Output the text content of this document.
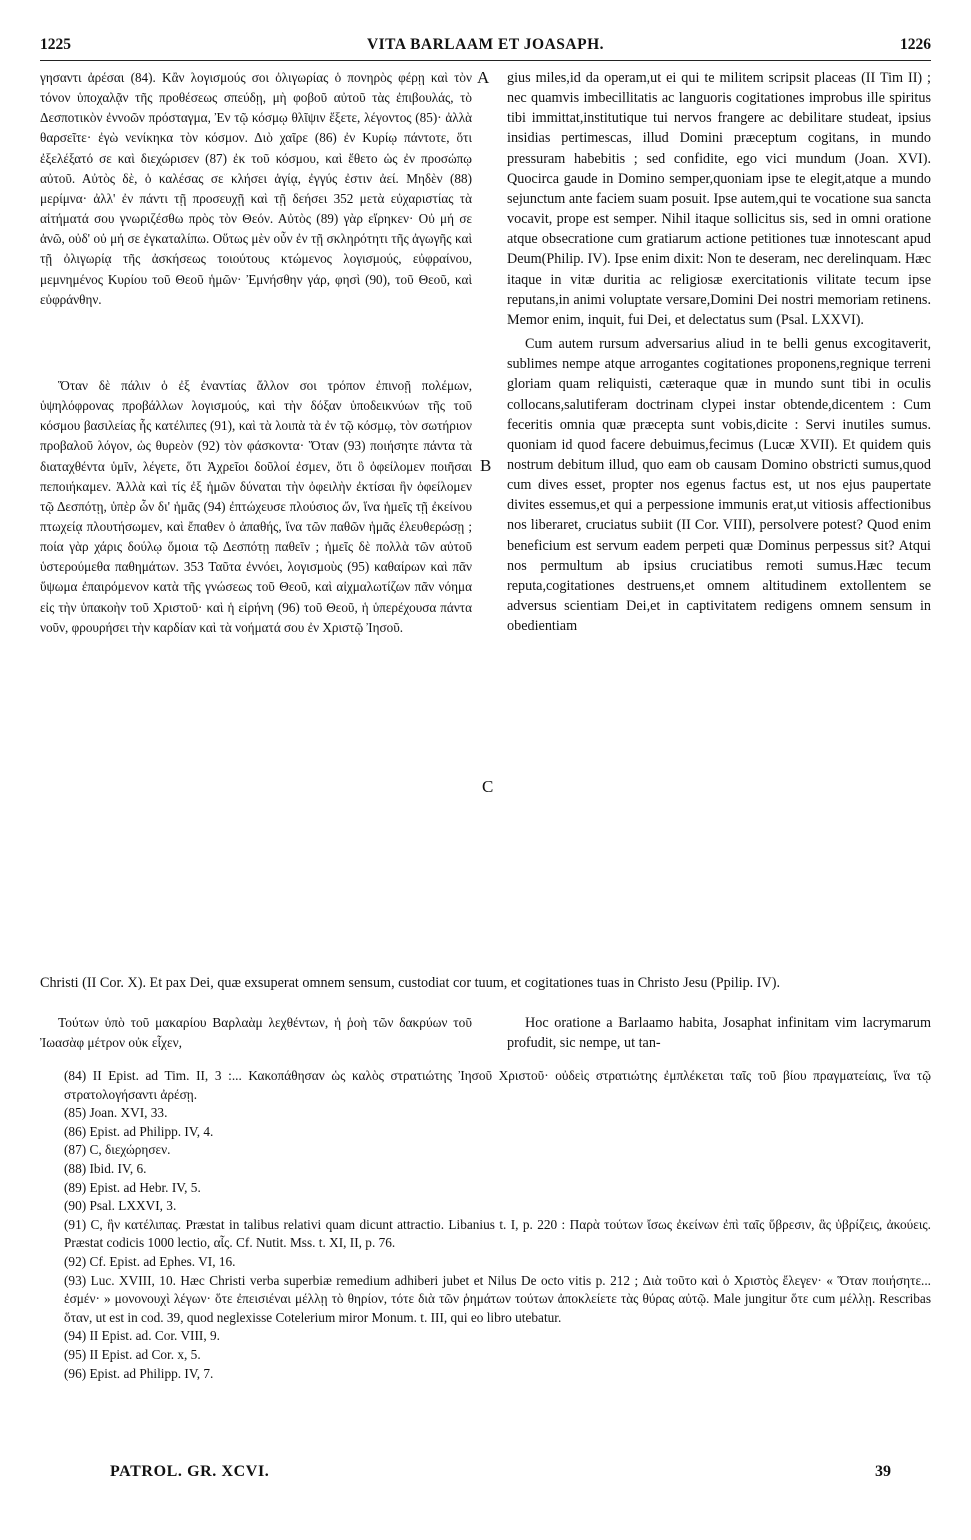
1225	VITA BARLAAM ET JOASAPH.	1226

γησαντι ἀρέσαι (84). Κἂν λογισμούς σοι ὀλιγωρίας ὁ πονηρὸς φέρῃ καὶ τὸν τόνον ὑποχαλᾷν τῆς προθέσεως σπεύδῃ, μὴ φοβοῦ αὐτοῦ τὰς ἐπιβουλάς, τὸ Δεσποτικὸν ἐννοῶν πρόσταγμα, Ἐν τῷ κόσμῳ θλῖψιν ἕξετε, λέγοντος (85)· ἀλλὰ θαρσεῖτε· ἐγὼ νενίκηκα τὸν κόσμον. Διὸ χαῖρε (86) ἐν Κυρίῳ πάντοτε, ὅτι ἐξελέξατό σε καὶ διεχώρισεν (87) ἐκ τοῦ κόσμου, καὶ ἔθετο ὡς ἐν προσώπῳ αὐτοῦ. Αὐτὸς δὲ, ὁ καλέσας σε κλήσει ἁγίᾳ, ἐγγύς ἐστιν ἀεί. Μηδὲν (88) μερίμνα· ἀλλ' ἐν πάντι τῇ προσευχῇ καὶ τῇ δεήσει 352 μετὰ εὐχαριστίας τὰ αἰτήματά σου γνωριζέσθω πρὸς τὸν Θεόν. Αὐτὸς (89) γὰρ εἴρηκεν· Οὐ μή σε ἀνῶ, οὐδ' οὐ μή σε ἐγκαταλίπω. Οὕτως μὲν οὖν ἐν τῇ σκληρότητι τῆς ἀγωγῆς καὶ τῇ ὀλιγωρίᾳ τῆς ἀσκήσεως τοιούτους κτώμενος λογισμούς, εὐφραίνου, μεμνημένος Κυρίου τοῦ Θεοῦ ἡμῶν· Ἐμνήσθην γάρ, φησὶ (90), τοῦ Θεοῦ, καὶ εὐφράνθην.

Ὅταν δὲ πάλιν ὁ ἐξ ἐναντίας ἄλλον σοι τρόπον ἐπινοῇ πολέμων, ὑψηλόφρονας προβάλλων λογισμούς, καὶ τὴν δόξαν ὑποδεικνύων τῆς τοῦ κόσμου βασιλείας ἧς κατέλιπες (91), καὶ τὰ λοιπὰ τὰ ἐν τῷ κόσμῳ, τὸν σωτήριον προβαλοῦ λόγον, ὡς θυρεὸν (92) τὸν φάσκοντα· Ὅταν (93) ποιήσητε πάντα τὰ διαταχθέντα ὑμῖν, λέγετε, ὅτι Ἀχρεῖοι δοῦλοί ἐσμεν, ὅτι ὃ ὀφείλομεν ποιῆσαι πεποιήκαμεν. Ἀλλὰ καὶ τίς ἐξ ἡμῶν δύναται τὴν ὀφειλὴν ἐκτίσαι ἣν ὀφείλομεν τῷ Δεσπότῃ, ὑπὲρ ὧν δι' ἡμᾶς (94) ἐπτώχευσε πλούσιος ὤν, ἵνα ἡμεῖς τῇ ἐκείνου πτωχείᾳ πλουτήσωμεν, καὶ ἔπαθεν ὁ ἀπαθής, ἵνα τῶν παθῶν ἡμᾶς ἐλευθερώσῃ ; ποία γὰρ χάρις δούλῳ ὅμοια τῷ Δεσπότῃ παθεῖν ; ἡμεῖς δὲ πολλὰ τῶν αὐτοῦ ὑστερούμεθα παθημάτων. 353 Ταῦτα ἐννόει, λογισμοὺς (95) καθαίρων καὶ πᾶν ὕψωμα ἐπαιρόμενον κατὰ τῆς γνώσεως τοῦ Θεοῦ, καὶ αἰχμαλωτίζων πᾶν νόημα εἰς τὴν ὑπακοὴν τοῦ Χριστοῦ· καὶ ἡ εἰρήνη (96) τοῦ Θεοῦ, ἡ ὑπερέχουσα πάντα νοῦν, φρουρήσει τὴν καρδίαν καὶ τὰ νοήματά σου ἐν Χριστῷ Ἰησοῦ.

A
B
C

gius miles,id da operam,ut ei qui te militem scripsit placeas (II Tim II) ; nec quamvis imbecillitatis ac languoris cogitationes improbus ille spiritus tibi immittat,institutique tui nervos frangere ac debilitare studeat, ipsius insidias pertimescas, illud Domini præceptum cogitans, in mundo pressuram habebitis ; sed confidite, ego vici mundum (Joan. XVI). Quocirca gaude in Domino semper,quoniam ipse te elegit,atque a mundo sejunctum ante faciem suam posuit. Ipse autem,qui te vocatione sua sancta vocavit, prope est semper. Nihil itaque sollicitus sis, sed in omni oratione atque obsecratione cum gratiarum actione petitiones tuæ innotescant apud Deum(Philip. IV). Ipse enim dixit: Non te deseram, nec derelinquam. Hæc itaque in vitæ duritia ac religiosæ exercitationis vilitate tecum ipse reputans,in animi voluptate versare,Domini Dei nostri memoriam retinens. Memor enim, inquit, fui Dei, et delectatus sum (Psal. LXXVI).

Cum autem rursum adversarius aliud in te belli genus excogitaverit, sublimes nempe atque arrogantes cogitationes proponens,regnique terreni gloriam quam reliquisti, cæteraque quæ in mundo sunt tibi in oculis collocans,salutiferam doctrinam clypei instar obtende,dicentem : Cum feceritis omnia quæ præcepta sunt vobis,dicite : Servi inutiles sumus. quoniam id quod facere debuimus,fecimus (Lucæ XVII). Et quidem quis nostrum debitum illud, quo eam ob causam Domino obstricti sumus,quod cum dives esset, propter nos egenus factus est, ut nos ejus paupertate divites essemus,et qui a perpessione immunis erat,ut vitiosis affectionibus nos liberaret, cruciatus subiit (II Cor. VIII), persolvere potest? Quod enim beneficium est servum eadem perpeti quæ Dominus perpessus sit? Atqui nos permultum ab ipsius cruciatibus remoti sumus.Hæc tecum reputa,cogitationes destruens,et omnem altitudinem extollentem se adversus scientiam Dei,et in captivitatem redigens omnem sensum in obedientiam

Christi (II Cor. X). Et pax Dei, quæ exsuperat omnem sensum, custodiat cor tuum, et cogitationes tuas in Christo Jesu (Ppilip. IV).
Τούτων ὑπὸ τοῦ μακαρίου Βαρλαὰμ λεχθέντων, ἡ ῥοὴ τῶν δακρύων τοῦ Ἰωασὰφ μέτρον οὐκ εἶχεν,
Hoc oratione a Barlaamo habita, Josaphat infinitam vim lacrymarum profudit, sic nempe, ut tan-

(84) II Epist. ad Tim. II, 3 :... Κακοπάθησαν ὡς καλὸς στρατιώτης Ἰησοῦ Χριστοῦ· οὐδεὶς στρατιώτης ἐμπλέκεται ταῖς τοῦ βίου πραγματείαις, ἵνα τῷ στρατολογήσαντι ἀρέσῃ.

(85) Joan. XVI, 33.

(86) Epist. ad Philipp. IV, 4.

(87) C, διεχώρησεν.

(88) Ibid. IV, 6.

(89) Epist. ad Hebr. IV, 5.

(90) Psal. LXXVI, 3.

(91) C, ἣν κατέλιπας. Præstat in talibus relativi quam dicunt attractio. Libanius t. I, p. 220 : Παρὰ τούτων ἴσως ἐκείνων ἐπὶ ταῖς ὕβρεσιν, ἃς ὑβρίζεις, ἀκούεις. Præstat codicis 1000 lectio, αἷς. Cf. Nutit. Mss. t. XI, II, p. 76.

(92) Cf. Epist. ad Ephes. VI, 16.

(93) Luc. XVIII, 10. Hæc Christi verba superbiæ remedium adhiberi jubet et Nilus De octo vitis p. 212 ; Διὰ τοῦτο καὶ ὁ Χριστὸς ἔλεγεν· « Ὅταν ποιήσητε... ἐσμέν· » μονονουχὶ λέγων· ὅτε ἐπεισιέναι μέλλῃ τὸ θηρίον, τότε διὰ τῶν ῥημάτων τούτων ἀποκλείετε τὰς θύρας αὐτῷ. Male jungitur ὅτε cum μέλλῃ. Rescribas ὅταν, ut est in cod. 39, quod neglexisse Cotelerium miror Monum. t. III, qui eo libro utebatur.

(94) II Epist. ad. Cor. VIII, 9.

(95) II Epist. ad Cor. x, 5.

(96) Epist. ad Philipp. IV, 7.

PATROL. GR. XCVI.	39
